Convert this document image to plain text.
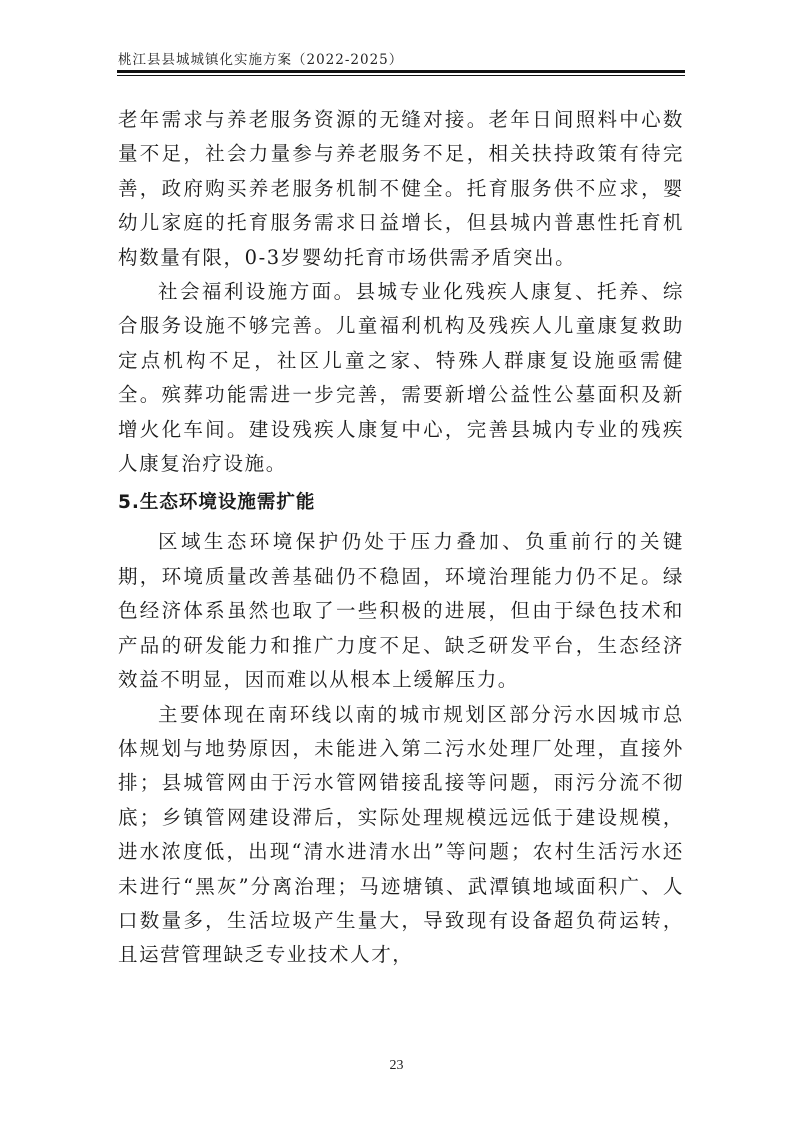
桃江县县城城镇化实施方案（2022-2025）

老年需求与养老服务资源的无缝对接。老年日间照料中心数量不足，社会力量参与养老服务不足，相关扶持政策有待完善，政府购买养老服务机制不健全。托育服务供不应求，婴幼儿家庭的托育服务需求日益增长，但县城内普惠性托育机构数量有限，0-3岁婴幼托育市场供需矛盾突出。

社会福利设施方面。县城专业化残疾人康复、托养、综合服务设施不够完善。儿童福利机构及残疾人儿童康复救助定点机构不足，社区儿童之家、特殊人群康复设施亟需健全。殡葬功能需进一步完善，需要新增公益性公墓面积及新增火化车间。建设残疾人康复中心，完善县城内专业的残疾人康复治疗设施。

5.生态环境设施需扩能

区域生态环境保护仍处于压力叠加、负重前行的关键期，环境质量改善基础仍不稳固，环境治理能力仍不足。绿色经济体系虽然也取了一些积极的进展，但由于绿色技术和产品的研发能力和推广力度不足、缺乏研发平台，生态经济效益不明显，因而难以从根本上缓解压力。

主要体现在南环线以南的城市规划区部分污水因城市总体规划与地势原因，未能进入第二污水处理厂处理，直接外排；县城管网由于污水管网错接乱接等问题，雨污分流不彻底；乡镇管网建设滞后，实际处理规模远远低于建设规模，进水浓度低，出现“清水进清水出”等问题；农村生活污水还未进行“黑灰”分离治理；马迹塘镇、武潭镇地域面积广、人口数量多，生活垃圾产生量大，导致现有设备超负荷运转，且运营管理缺乏专业技术人才，

23
